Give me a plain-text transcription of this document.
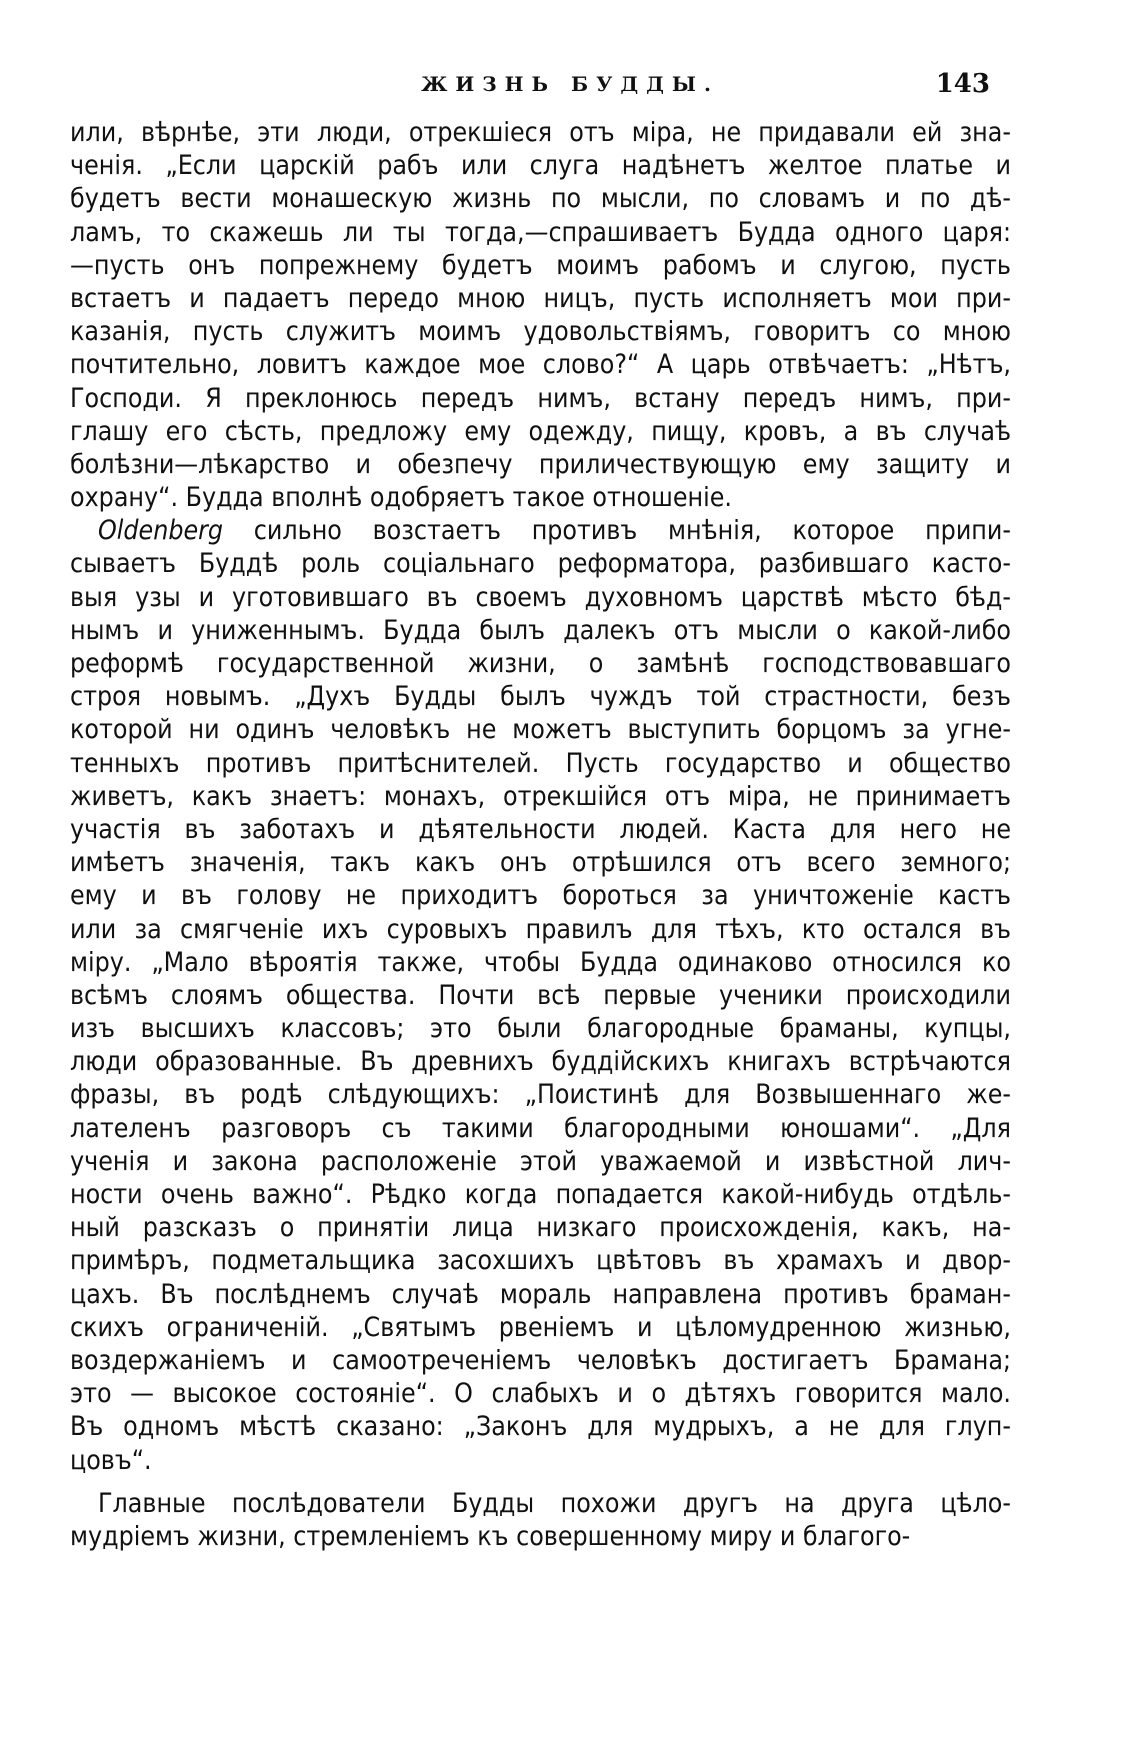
ЖИЗНЬ БУДДЫ.	143
или, вѣрнѣе, эти люди, отрекшіеся отъ міра, не придавали ей зна-
ченія. „Если царскій рабъ или слуга надѣнетъ желтое платье и
будетъ вести монашескую жизнь по мысли, по словамъ и по дѣ-
ламъ, то скажешь ли ты тогда,—спрашиваетъ Будда одного царя:
—пусть онъ попрежнему будетъ моимъ рабомъ и слугою, пусть
встаетъ и падаетъ передо мною ницъ, пусть исполняетъ мои при-
казанія, пусть служитъ моимъ удовольствіямъ, говоритъ со мною
почтительно, ловитъ каждое мое слово?“ А царь отвѣчаетъ: „Нѣтъ,
Господи. Я преклонюсь передъ нимъ, встану передъ нимъ, при-
глашу его сѣсть, предложу ему одежду, пищу, кровъ, а въ случаѣ
болѣзни—лѣкарство и обезпечу приличествующую ему защиту и
охрану“. Будда вполнѣ одобряетъ такое отношеніе.
Oldenberg сильно возстаетъ противъ мнѣнія, которое припи-
сываетъ Буддѣ роль соціальнаго реформатора, разбившаго касто-
выя узы и уготовившаго въ своемъ духовномъ царствѣ мѣсто бѣд-
нымъ и униженнымъ. Будда былъ далекъ отъ мысли о какой-либо
реформѣ государственной жизни, о замѣнѣ господствовавшаго
строя новымъ. „Духъ Будды былъ чуждъ той страстности, безъ
которой ни одинъ человѣкъ не можетъ выступить борцомъ за угне-
тенныхъ противъ притѣснителей. Пусть государство и общество
живетъ, какъ знаетъ: монахъ, отрекшійся отъ міра, не принимаетъ
участія въ заботахъ и дѣятельности людей. Каста для него не
имѣетъ значенія, такъ какъ онъ отрѣшился отъ всего земного;
ему и въ голову не приходитъ бороться за уничтоженіе кастъ
или за смягченіе ихъ суровыхъ правилъ для тѣхъ, кто остался въ
міру. „Мало вѣроятія также, чтобы Будда одинаково относился ко
всѣмъ слоямъ общества. Почти всѣ первые ученики происходили
изъ высшихъ классовъ; это были благородные браманы, купцы,
люди образованные. Въ древнихъ буддійскихъ книгахъ встрѣчаются
фразы, въ родѣ слѣдующихъ: „Поистинѣ для Возвышеннаго же-
лателенъ разговоръ съ такими благородными юношами“. „Для
ученія и закона расположеніе этой уважаемой и извѣстной лич-
ности очень важно“. Рѣдко когда попадается какой-нибудь отдѣль-
ный разсказъ о принятіи лица низкаго происхожденія, какъ, на-
примѣръ, подметальщика засохшихъ цвѣтовъ въ храмахъ и двор-
цахъ. Въ послѣднемъ случаѣ мораль направлена противъ браман-
скихъ ограниченій. „Святымъ рвеніемъ и цѣломудренною жизнью,
воздержаніемъ и самоотреченіемъ человѣкъ достигаетъ Брамана;
это — высокое состояніе“. О слабыхъ и о дѣтяхъ говорится мало.
Въ одномъ мѣстѣ сказано: „Законъ для мудрыхъ, а не для глуп-
цовъ“.
Главные послѣдователи Будды похожи другъ на друга цѣло-
мудріемъ жизни, стремленіемъ къ совершенному миру и благого-
